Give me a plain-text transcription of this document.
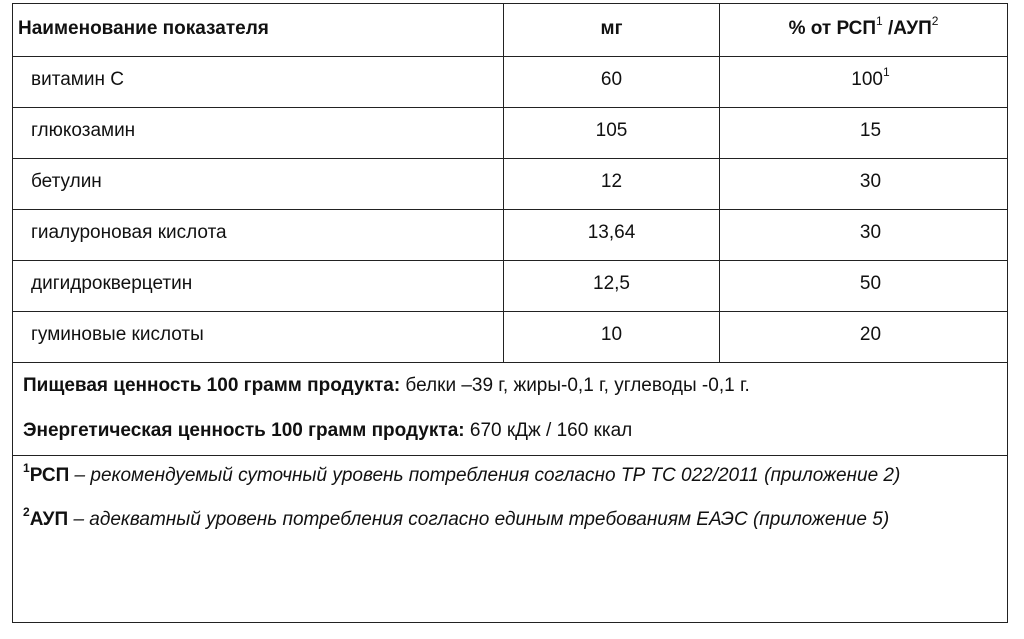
Наименование показателя	мг	% от РСП$^1$ /АУП$^2$
витамин С	60	$100^1$
глюкозамин	105	15
бетулин	12	30
гиалуроновая кислота	13,64	30
дигидрокверцетин	12,5	50
гуминовые кислоты	10	20

Пищевая ценность 100 грамм продукта: белки –39 г, жиры-0,1 г, углеводы -0,1 г.

Энергетическая ценность 100 грамм продукта: 670 кДж / 160 ккал

$^1$РСП – рекомендуемый суточный уровень потребления согласно ТР ТС 022/2011 (приложение 2)

$^2$АУП – адекватный уровень потребления согласно единым требованиям ЕАЭС (приложение 5)
